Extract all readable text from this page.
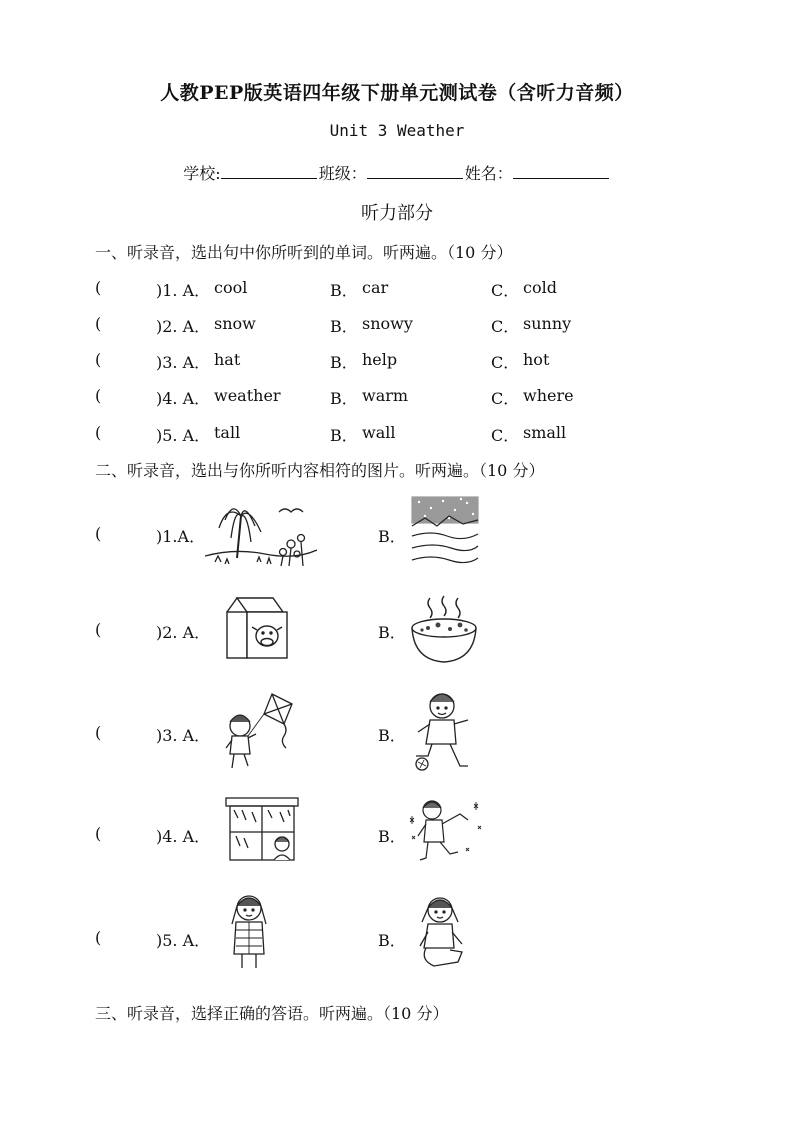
人教PEP版英语四年级下册单元测试卷（含听力音频）
Unit 3 Weather
学校:	班级：	姓名：
听力部分
一、听录音，选出句中你所听到的单词。听两遍。（10 分）
(	)1. A． cool	B． car	C． cold
(	)2. A． snow	B． snowy	C． sunny
(	)3. A． hat	B． help	C． hot
(	)4. A． weather	B． warm	C． where
(	)5. A． tall	B． wall	C． small
二、听录音，选出与你所听内容相符的图片。听两遍。（10 分）
(	)1.A．	B．
(	)2. A．	B．
(	)3. A．	B．
(	)4. A．	B．
(	)5. A．	B．
三、听录音，选择正确的答语。听两遍。（10 分）
